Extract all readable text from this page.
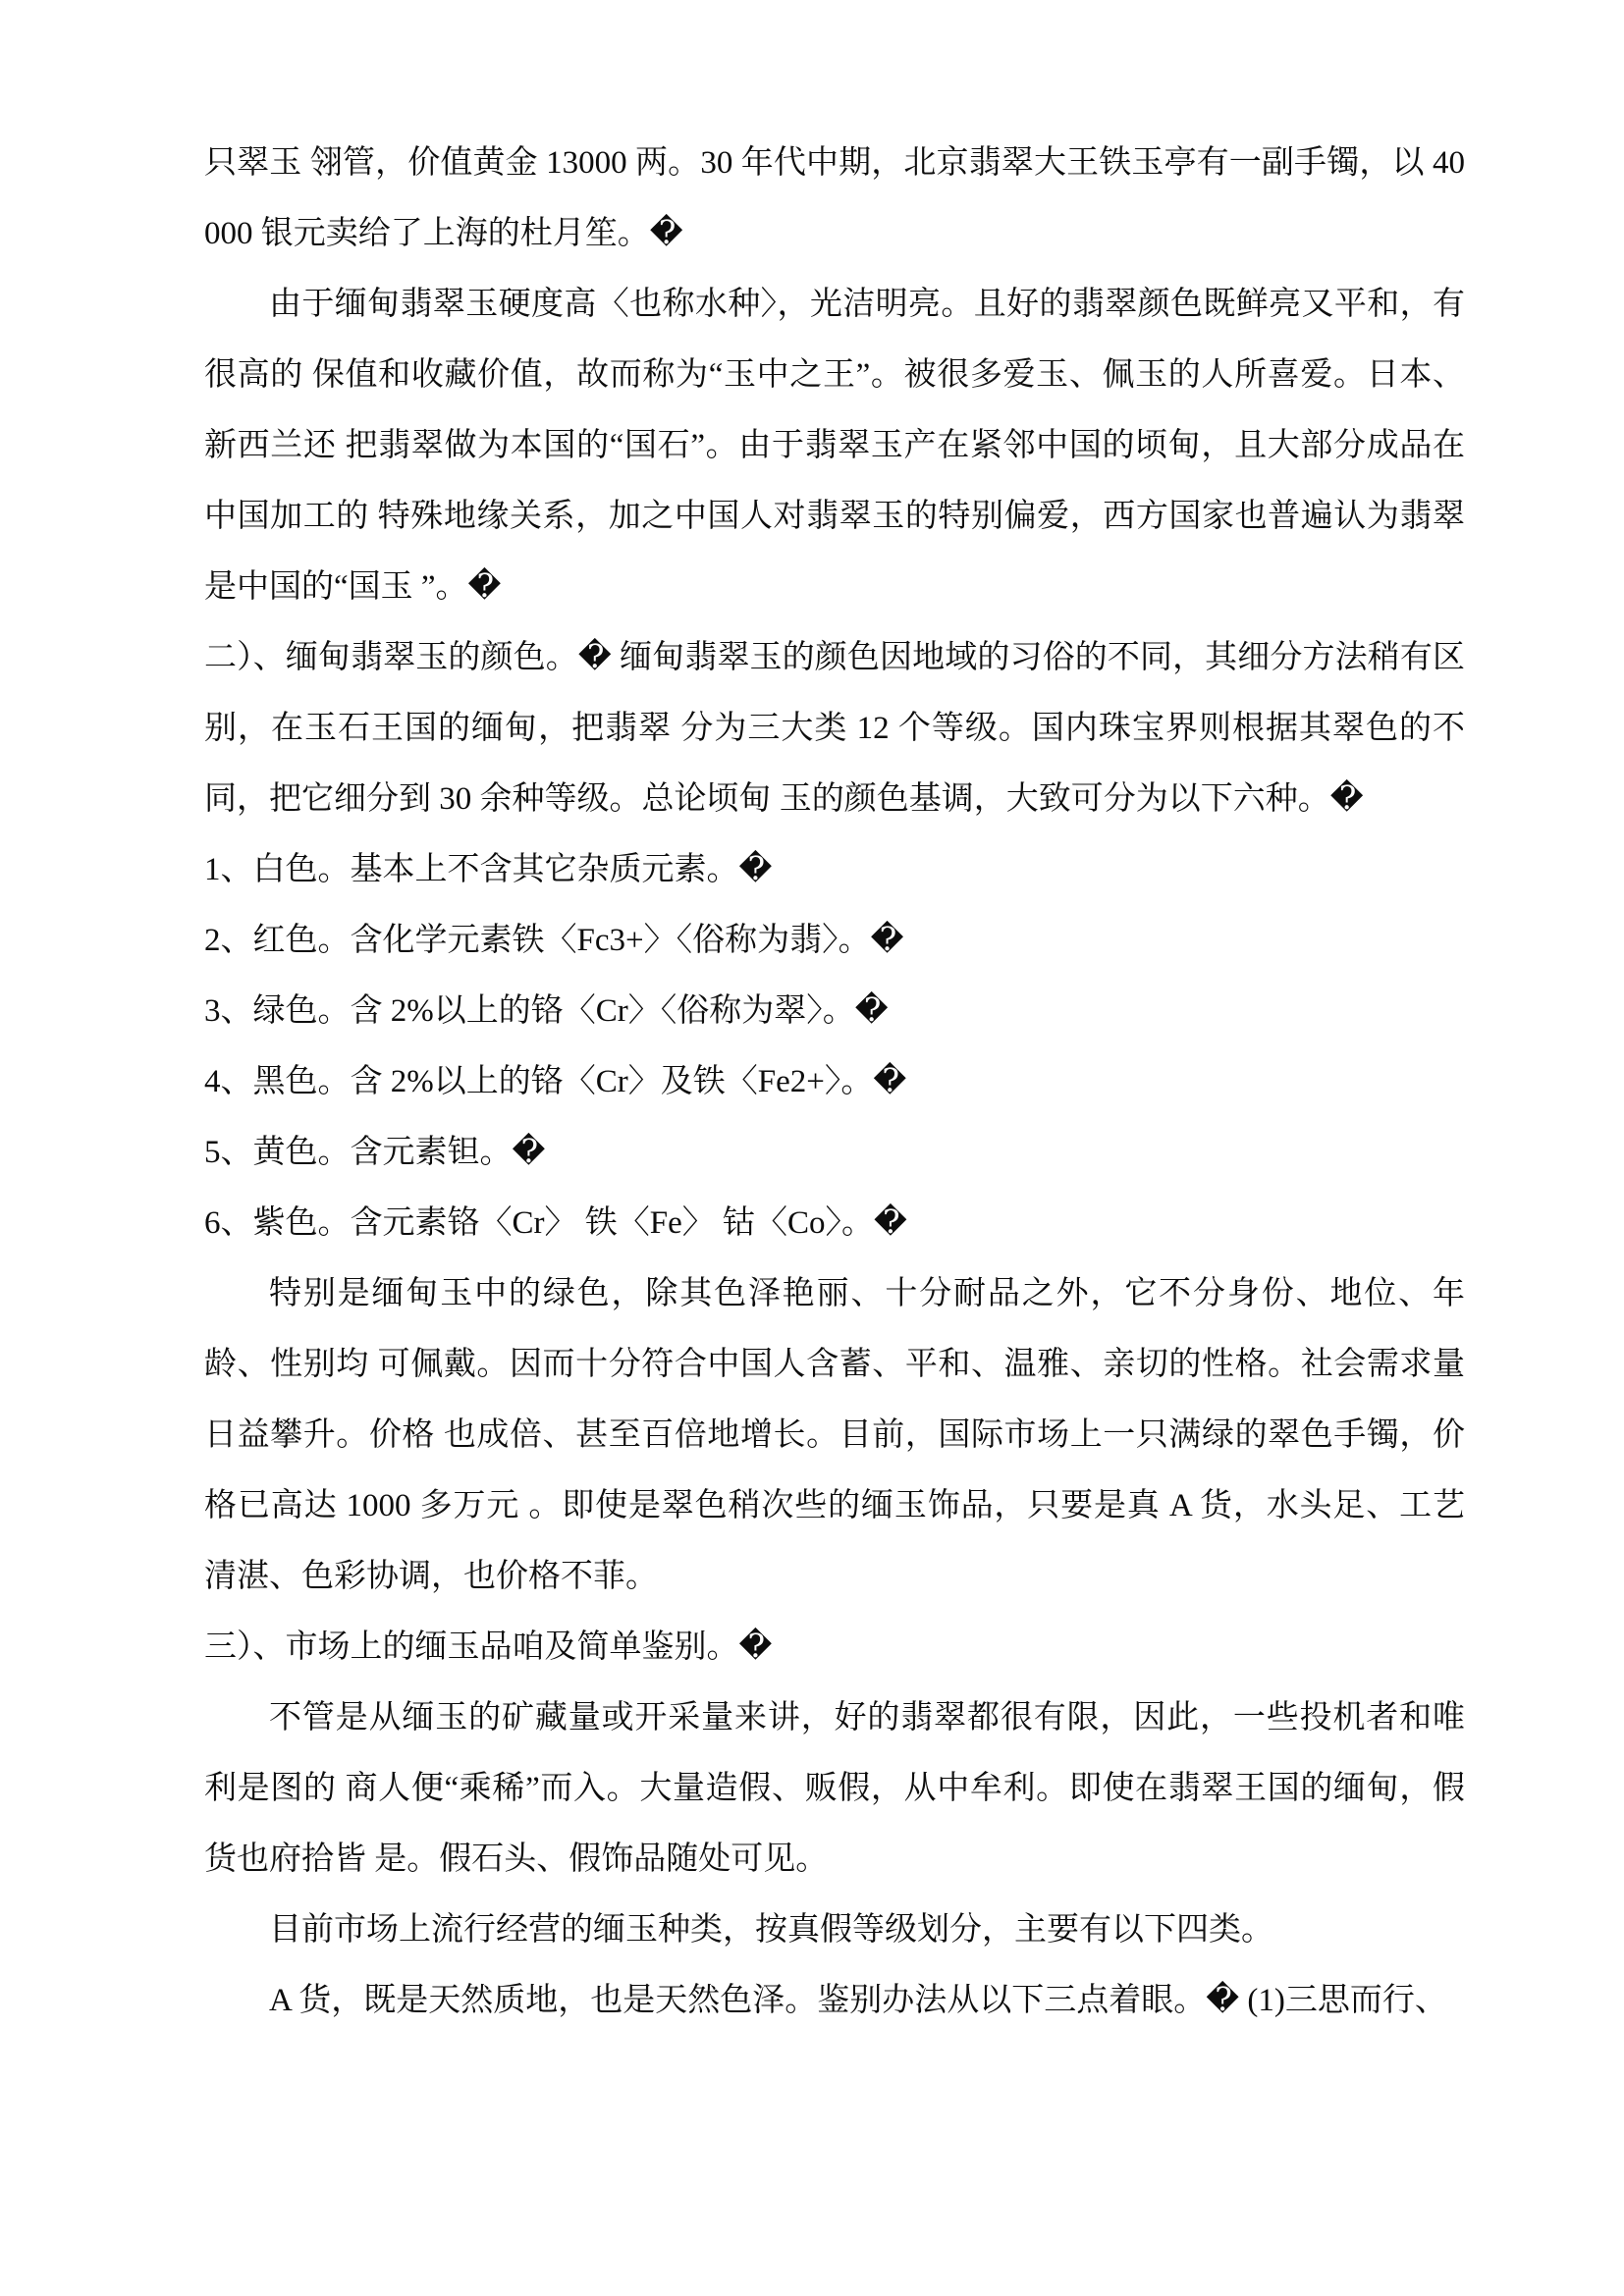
只翠玉 翎管，价值黄金 13000 两。30 年代中期，北京翡翠大王铁玉亭有一副手镯，以 40000 银元卖给了上海的杜月笙。�

由于缅甸翡翠玉硬度高〈也称水种〉，光洁明亮。且好的翡翠颜色既鲜亮又平和，有很高的 保值和收藏价值，故而称为“玉中之王”。被很多爱玉、佩玉的人所喜爱。日本、新西兰还 把翡翠做为本国的“国石”。由于翡翠玉产在紧邻中国的顷甸，且大部分成品在中国加工的 特殊地缘关系，加之中国人对翡翠玉的特别偏爱，西方国家也普遍认为翡翠是中国的“国玉 ”。�

二）、缅甸翡翠玉的颜色。� 缅甸翡翠玉的颜色因地域的习俗的不同，其细分方法稍有区别，在玉石王国的缅甸，把翡翠 分为三大类 12 个等级。国内珠宝界则根据其翠色的不同，把它细分到 30 余种等级。总论顷甸 玉的颜色基调，大致可分为以下六种。�

1、白色。基本上不含其它杂质元素。�

2、红色。含化学元素铁〈Fc3+〉〈俗称为翡〉。�

3、绿色。含 2%以上的铬〈Cr〉〈俗称为翠〉。�

4、黑色。含 2%以上的铬〈Cr〉及铁〈Fe2+〉。�

5、黄色。含元素钽。�

6、紫色。含元素铬〈Cr〉 铁〈Fe〉 钴〈Co〉。�

特别是缅甸玉中的绿色，除其色泽艳丽、十分耐品之外，它不分身份、地位、年龄、性别均 可佩戴。因而十分符合中国人含蓄、平和、温雅、亲切的性格。社会需求量日益攀升。价格 也成倍、甚至百倍地增长。目前，国际市场上一只满绿的翠色手镯，价格已高达 1000 多万元 。即使是翠色稍次些的缅玉饰品，只要是真 A 货，水头足、工艺清湛、色彩协调，也价格不菲。

三）、市场上的缅玉品咱及简单鉴别。�

不管是从缅玉的矿藏量或开采量来讲，好的翡翠都很有限，因此，一些投机者和唯利是图的 商人便“乘稀”而入。大量造假、贩假，从中牟利。即使在翡翠王国的缅甸，假货也府拾皆 是。假石头、假饰品随处可见。

目前市场上流行经营的缅玉种类，按真假等级划分，主要有以下四类。

A 货，既是天然质地，也是天然色泽。鉴别办法从以下三点着眼。� (1)三思而行、
